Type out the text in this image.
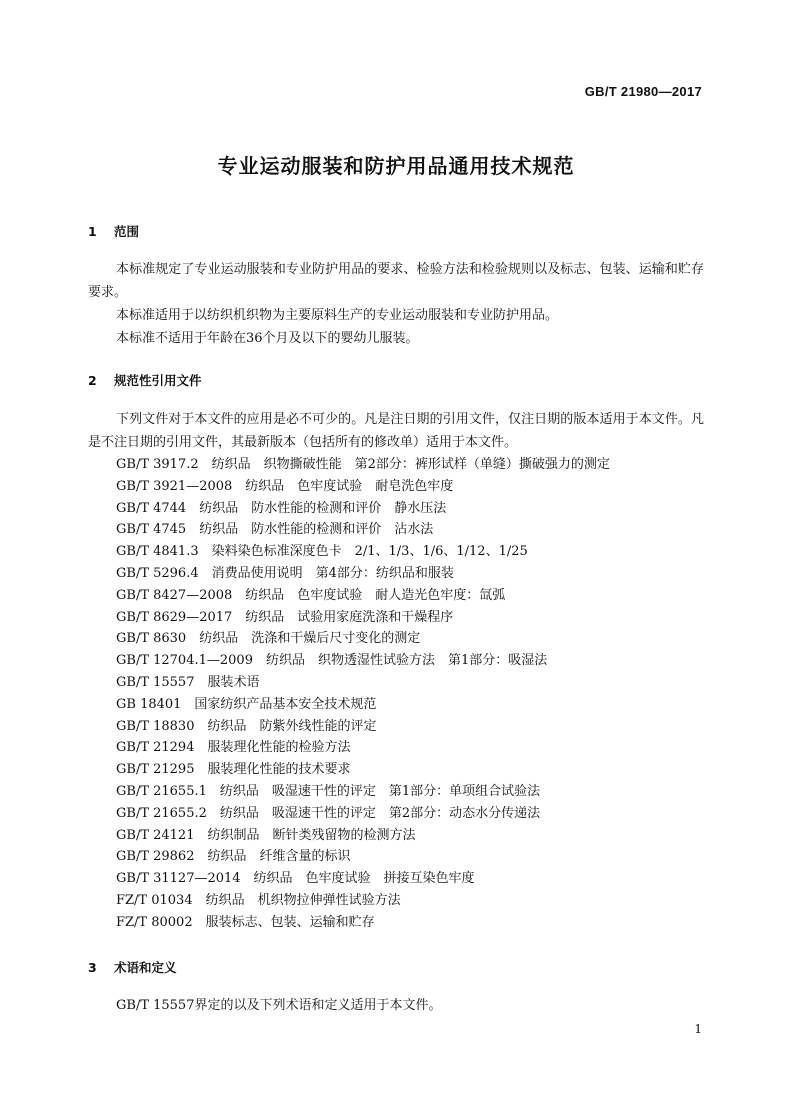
GB/T 21980—2017
专业运动服装和防护用品通用技术规范
1 范围

本标准规定了专业运动服装和专业防护用品的要求、检验方法和检验规则以及标志、包装、运输和贮存要求。

本标准适用于以纺织机织物为主要原料生产的专业运动服装和专业防护用品。

本标准不适用于年龄在36个月及以下的婴幼儿服装。

2 规范性引用文件

下列文件对于本文件的应用是必不可少的。凡是注日期的引用文件，仅注日期的版本适用于本文件。凡是不注日期的引用文件，其最新版本（包括所有的修改单）适用于本文件。

GB/T 3917.2　纺织品　织物撕破性能　第2部分：裤形试样（单缝）撕破强力的测定
GB/T 3921—2008　纺织品　色牢度试验　耐皂洗色牢度
GB/T 4744　纺织品　防水性能的检测和评价　静水压法
GB/T 4745　纺织品　防水性能的检测和评价　沾水法
GB/T 4841.3　染料染色标准深度色卡　2/1、1/3、1/6、1/12、1/25
GB/T 5296.4　消费品使用说明　第4部分：纺织品和服装
GB/T 8427—2008　纺织品　色牢度试验　耐人造光色牢度：氙弧
GB/T 8629—2017　纺织品　试验用家庭洗涤和干燥程序
GB/T 8630　纺织品　洗涤和干燥后尺寸变化的测定
GB/T 12704.1—2009　纺织品　织物透湿性试验方法　第1部分：吸湿法
GB/T 15557　服装术语
GB 18401　国家纺织产品基本安全技术规范
GB/T 18830　纺织品　防紫外线性能的评定
GB/T 21294　服装理化性能的检验方法
GB/T 21295　服装理化性能的技术要求
GB/T 21655.1　纺织品　吸湿速干性的评定　第1部分：单项组合试验法
GB/T 21655.2　纺织品　吸湿速干性的评定　第2部分：动态水分传递法
GB/T 24121　纺织制品　断针类残留物的检测方法
GB/T 29862　纺织品　纤维含量的标识
GB/T 31127—2014　纺织品　色牢度试验　拼接互染色牢度
FZ/T 01034　纺织品　机织物拉伸弹性试验方法
FZ/T 80002　服装标志、包装、运输和贮存
3 术语和定义

GB/T 15557界定的以及下列术语和定义适用于本文件。

1
